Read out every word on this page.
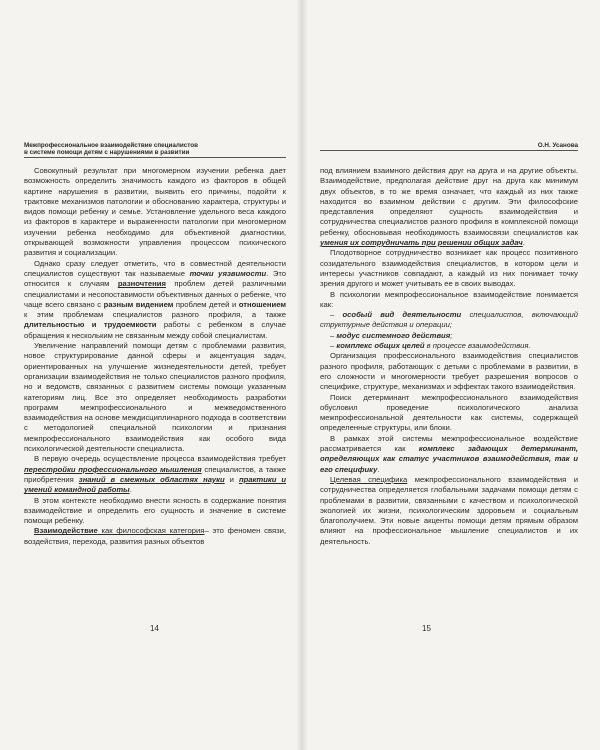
Межпрофессиональное взаимодействие специалистов
в системе помощи детям с нарушениями в развитии

Совокупный результат при многомерном изучении ребенка дает возможность определить значимость каждого из факторов в общей картине нарушения в развитии, выявить его причины, подойти к трактовке механизмов патологии и обоснованию характера, структуры и видов помощи ребенку и семье. Установление удельного веса каждого из факторов в характере и выраженности патологии при многомерном изучении ребенка необходимо для объективной диагностики, открывающей возможности управления процессом психического развития и социализации.

Однако сразу следует отметить, что в совместной деятельности специалистов существуют так называемые точки уязвимости. Это относится к случаям разночтения проблем детей различными специалистами и несопоставимости объективных данных о ребенке, что чаще всего связано с разным видением проблем детей и отношением к этим проблемам специалистов разного профиля, а также длительностью и трудоемкости работы с ребенком в случае обращения к нескольким не связанным между собой специалистам.

Увеличение направлений помощи детям с проблемами развития, новое структурирование данной сферы и акцентуация задач, ориентированных на улучшение жизнедеятельности детей, требует организации взаимодействия не только специалистов разного профиля, но и ведомств, связанных с развитием системы помощи указанным категориям лиц. Все это определяет необходимость разработки программ межпрофессионального и межведомственного взаимодействия на основе междисциплинарного подхода в соответствии с методологией специальной психологии и признания межпрофессионального взаимодействия как особого вида психологической деятельности специалиста.

В первую очередь осуществление процесса взаимодействия требует перестройки профессионального мышления специалистов, а также приобретения знаний в смежных областях науки и практики и умений командной работы.

В этом контексте необходимо внести ясность в содержание понятия взаимодействие и определить его сущность и значение в системе помощи ребенку.

Взаимодействие как философская категория– это феномен связи, воздействия, перехода, развития разных объектов

14
О.Н. Усанова

под влиянием взаимного действия друг на друга и на другие объекты. Взаимодействие, предполагая действие друг на друга как минимум двух объектов, в то же время означает, что каждый из них также находится во взаимном действии с другим. Эти философские представления определяют сущность взаимодействия и сотрудничества специалистов разного профиля в комплексной помощи ребенку, обосновывая необходимость взаимосвязи специалистов как умения их сотрудничать при решении общих задач.

Плодотворное сотрудничество возникает как процесс позитивного созидательного взаимодействия специалистов, в котором цели и интересы участников совпадают, а каждый из них понимает точку зрения другого и может учитывать ее в своих выводах.

В психологии межпрофессиональное взаимодействие понимается как:

– особый вид деятельности специалистов, включающий структурные действия и операции;

– модус системного действия;

– комплекс общих целей в процессе взаимодействия.

Организация профессионального взаимодействия специалистов разного профиля, работающих с детьми с проблемами в развитии, в его сложности и многомерности требует разрешения вопросов о специфике, структуре, механизмах и эффектах такого взаимодействия.

Поиск детерминант межпрофессионального взаимодействия обусловил проведение психологического анализа межпрофессиональной деятельности как системы, содержащей определенные структуры, или блоки.

В рамках этой системы межпрофессиональное воздействие рассматривается как комплекс задающих детерминант, определяющих как статус участников взаимодействия, так и его специфику.

Целевая специфика межпрофессионального взаимодействия и сотрудничества определяется глобальными задачами помощи детям с проблемами в развитии, связанными с качеством и психологической экологией их жизни, психологическим здоровьем и социальным благополучием. Эти новые акценты помощи детям прямым образом влияют на профессиональное мышление специалистов и их деятельность.

15
